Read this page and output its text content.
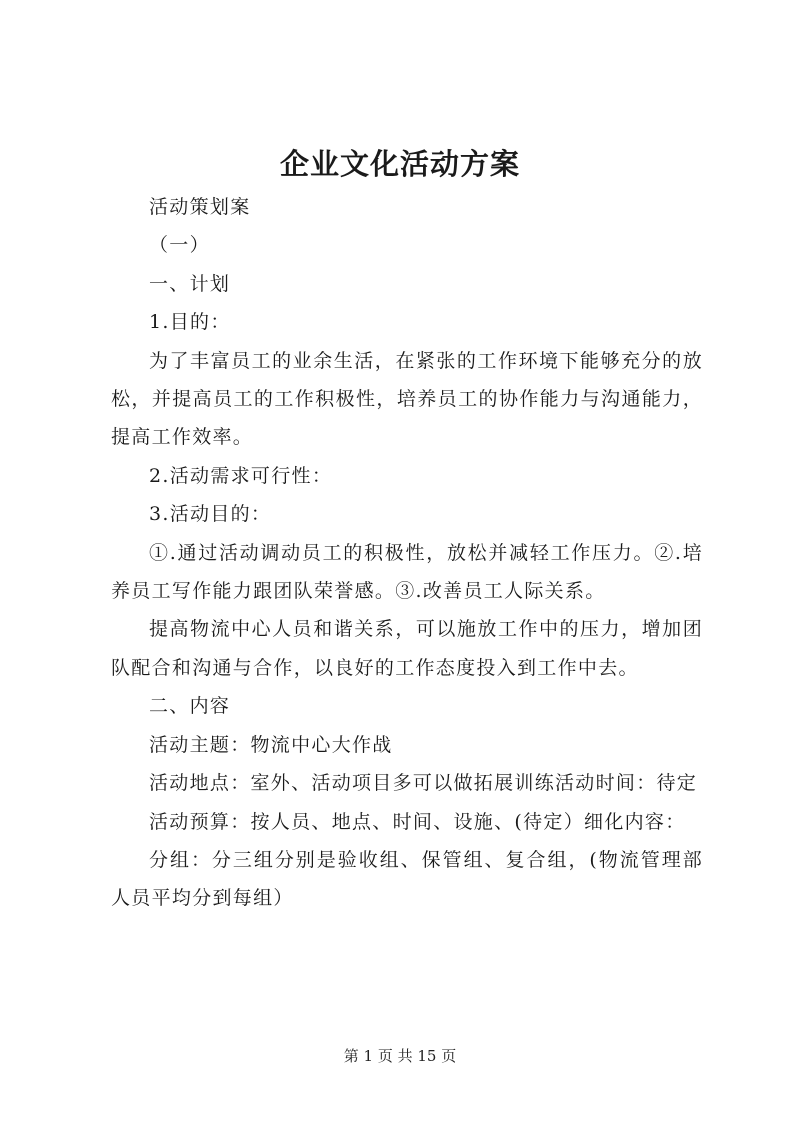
企业文化活动方案

活动策划案

（一）

一、计划

1.目的：

为了丰富员工的业余生活，在紧张的工作环境下能够充分的放松，并提高员工的工作积极性，培养员工的协作能力与沟通能力，提高工作效率。

2.活动需求可行性：

3.活动目的：

①.通过活动调动员工的积极性，放松并减轻工作压力。②.培养员工写作能力跟团队荣誉感。③.改善员工人际关系。

提高物流中心人员和谐关系，可以施放工作中的压力，增加团队配合和沟通与合作，以良好的工作态度投入到工作中去。

二、内容

活动主题：物流中心大作战

活动地点：室外、活动项目多可以做拓展训练活动时间：待定

活动预算：按人员、地点、时间、设施、(待定）细化内容：

分组：分三组分别是验收组、保管组、复合组，(物流管理部人员平均分到每组）

第 1 页 共 15 页
